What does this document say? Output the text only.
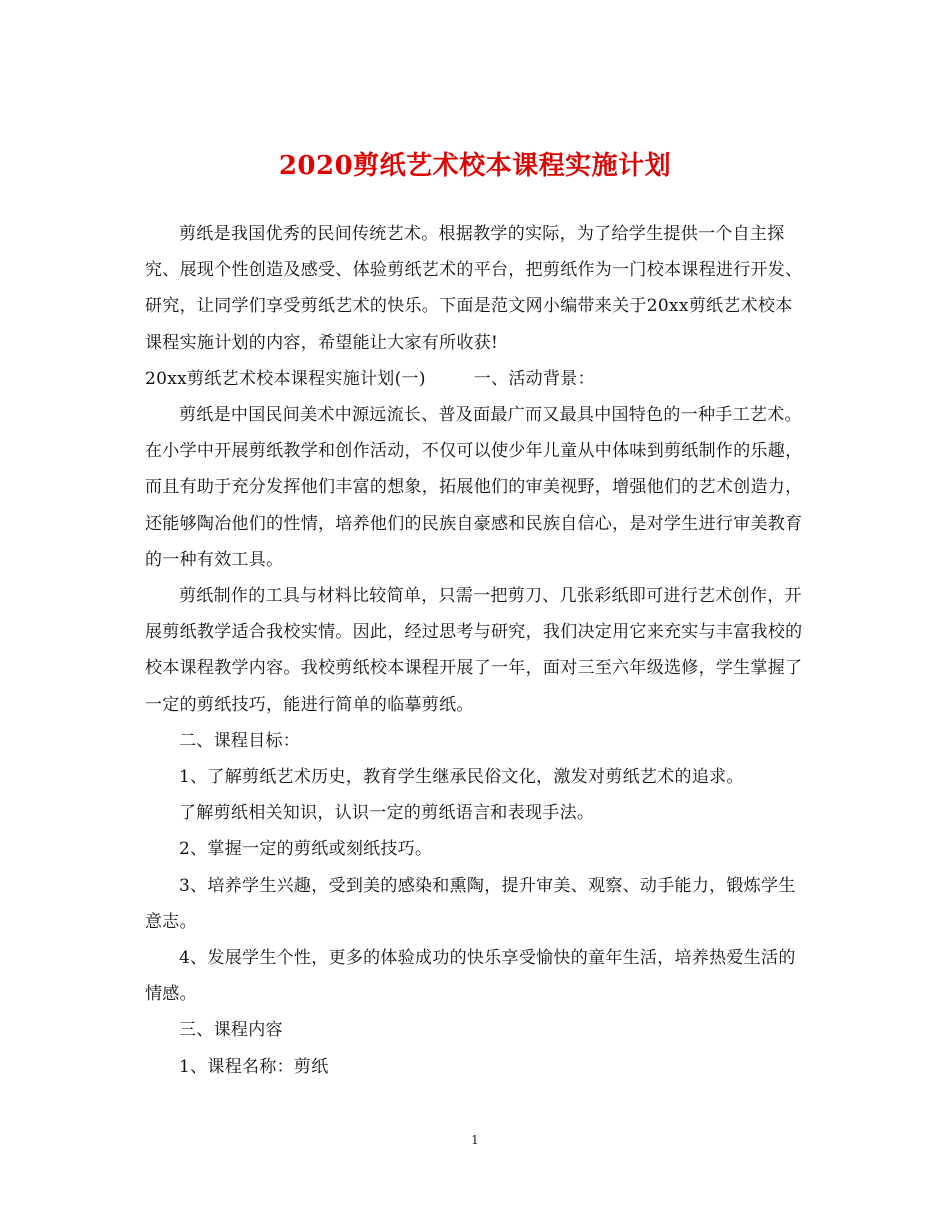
2020剪纸艺术校本课程实施计划

剪纸是我国优秀的民间传统艺术。根据教学的实际，为了给学生提供一个自主探究、展现个性创造及感受、体验剪纸艺术的平台，把剪纸作为一门校本课程进行开发、研究，让同学们享受剪纸艺术的快乐。下面是范文网小编带来关于20xx剪纸艺术校本课程实施计划的内容，希望能让大家有所收获!

20xx剪纸艺术校本课程实施计划(一)	一、活动背景：

剪纸是中国民间美术中源远流长、普及面最广而又最具中国特色的一种手工艺术。在小学中开展剪纸教学和创作活动，不仅可以使少年儿童从中体味到剪纸制作的乐趣，而且有助于充分发挥他们丰富的想象，拓展他们的审美视野，增强他们的艺术创造力，还能够陶冶他们的性情，培养他们的民族自豪感和民族自信心，是对学生进行审美教育的一种有效工具。

剪纸制作的工具与材料比较简单，只需一把剪刀、几张彩纸即可进行艺术创作，开展剪纸教学适合我校实情。因此，经过思考与研究，我们决定用它来充实与丰富我校的校本课程教学内容。我校剪纸校本课程开展了一年，面对三至六年级选修，学生掌握了一定的剪纸技巧，能进行简单的临摹剪纸。

二、课程目标：

1、了解剪纸艺术历史，教育学生继承民俗文化，激发对剪纸艺术的追求。

了解剪纸相关知识，认识一定的剪纸语言和表现手法。

2、掌握一定的剪纸或刻纸技巧。

3、培养学生兴趣，受到美的感染和熏陶，提升审美、观察、动手能力，锻炼学生意志。

4、发展学生个性，更多的体验成功的快乐享受愉快的童年生活，培养热爱生活的情感。

三、课程内容

1、课程名称：剪纸

1
